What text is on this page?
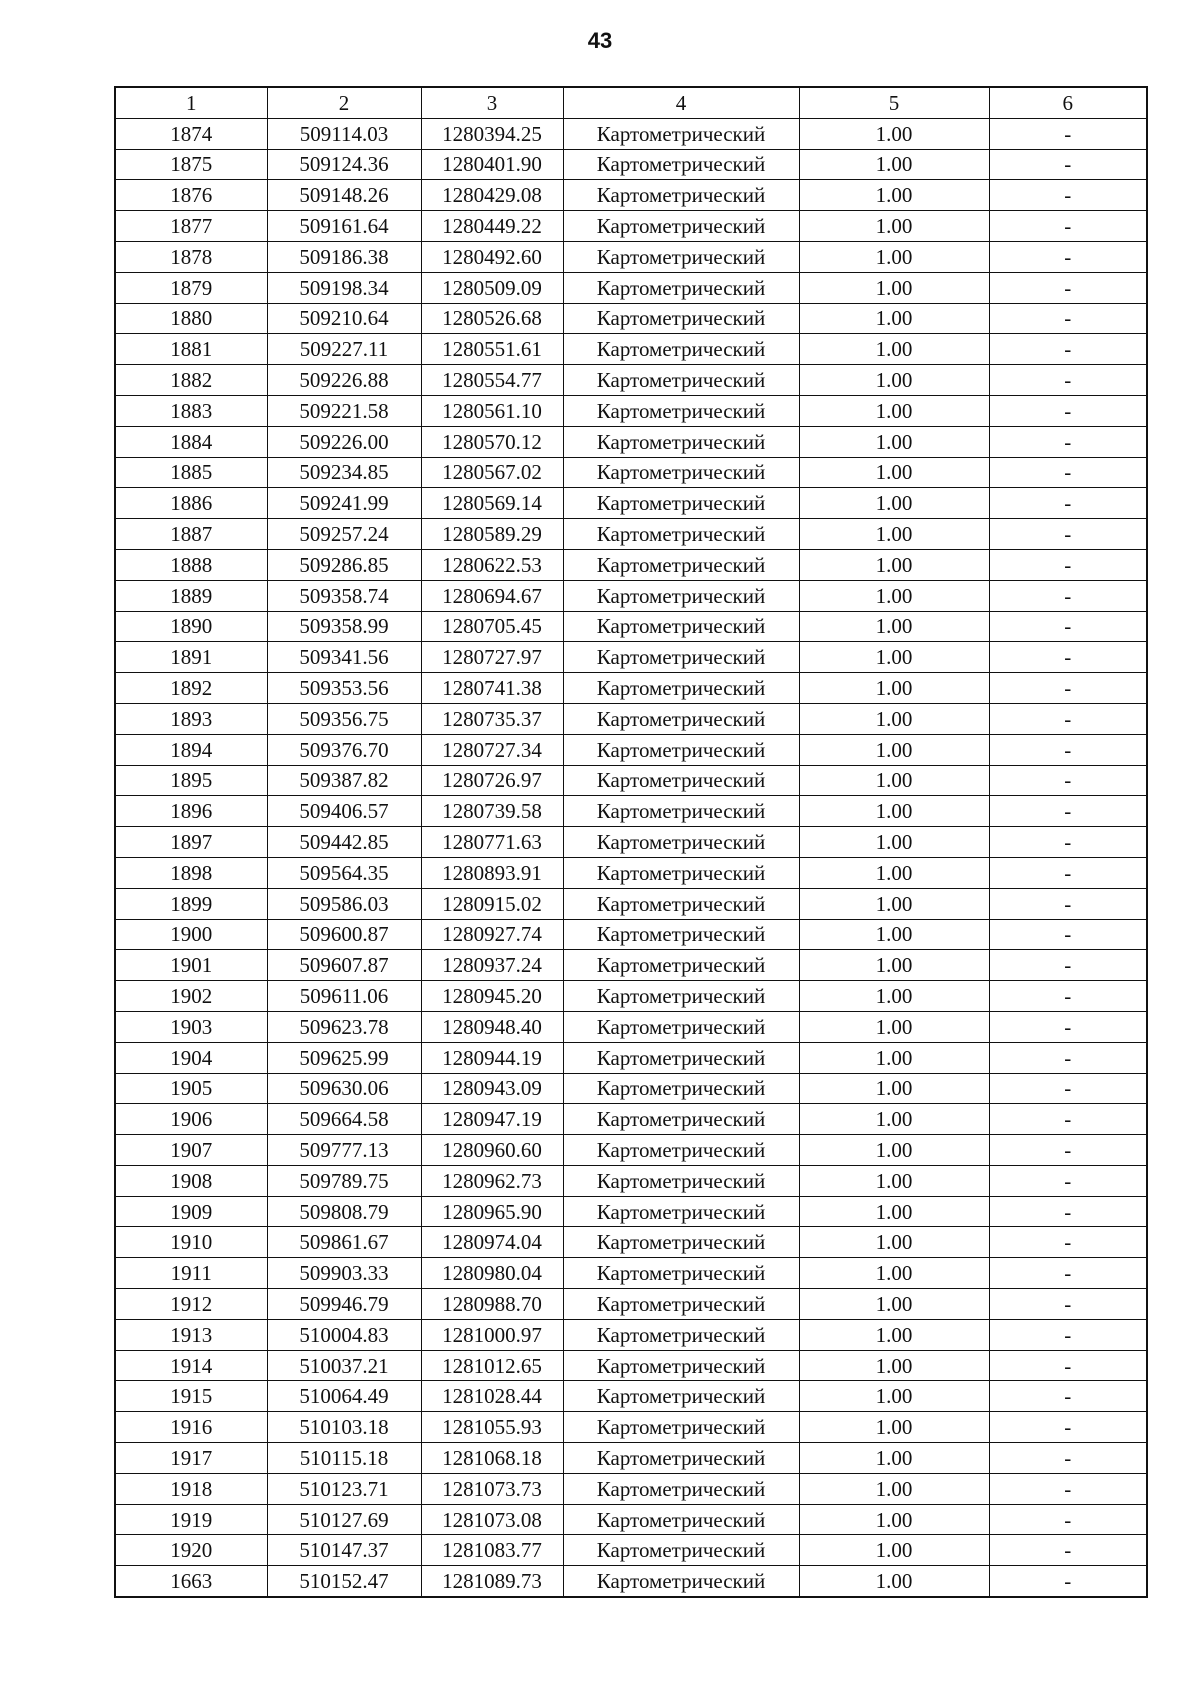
43
1	2	3	4	5	6
1874	509114.03	1280394.25	Картометрический	1.00	-
1875	509124.36	1280401.90	Картометрический	1.00	-
1876	509148.26	1280429.08	Картометрический	1.00	-
1877	509161.64	1280449.22	Картометрический	1.00	-
1878	509186.38	1280492.60	Картометрический	1.00	-
1879	509198.34	1280509.09	Картометрический	1.00	-
1880	509210.64	1280526.68	Картометрический	1.00	-
1881	509227.11	1280551.61	Картометрический	1.00	-
1882	509226.88	1280554.77	Картометрический	1.00	-
1883	509221.58	1280561.10	Картометрический	1.00	-
1884	509226.00	1280570.12	Картометрический	1.00	-
1885	509234.85	1280567.02	Картометрический	1.00	-
1886	509241.99	1280569.14	Картометрический	1.00	-
1887	509257.24	1280589.29	Картометрический	1.00	-
1888	509286.85	1280622.53	Картометрический	1.00	-
1889	509358.74	1280694.67	Картометрический	1.00	-
1890	509358.99	1280705.45	Картометрический	1.00	-
1891	509341.56	1280727.97	Картометрический	1.00	-
1892	509353.56	1280741.38	Картометрический	1.00	-
1893	509356.75	1280735.37	Картометрический	1.00	-
1894	509376.70	1280727.34	Картометрический	1.00	-
1895	509387.82	1280726.97	Картометрический	1.00	-
1896	509406.57	1280739.58	Картометрический	1.00	-
1897	509442.85	1280771.63	Картометрический	1.00	-
1898	509564.35	1280893.91	Картометрический	1.00	-
1899	509586.03	1280915.02	Картометрический	1.00	-
1900	509600.87	1280927.74	Картометрический	1.00	-
1901	509607.87	1280937.24	Картометрический	1.00	-
1902	509611.06	1280945.20	Картометрический	1.00	-
1903	509623.78	1280948.40	Картометрический	1.00	-
1904	509625.99	1280944.19	Картометрический	1.00	-
1905	509630.06	1280943.09	Картометрический	1.00	-
1906	509664.58	1280947.19	Картометрический	1.00	-
1907	509777.13	1280960.60	Картометрический	1.00	-
1908	509789.75	1280962.73	Картометрический	1.00	-
1909	509808.79	1280965.90	Картометрический	1.00	-
1910	509861.67	1280974.04	Картометрический	1.00	-
1911	509903.33	1280980.04	Картометрический	1.00	-
1912	509946.79	1280988.70	Картометрический	1.00	-
1913	510004.83	1281000.97	Картометрический	1.00	-
1914	510037.21	1281012.65	Картометрический	1.00	-
1915	510064.49	1281028.44	Картометрический	1.00	-
1916	510103.18	1281055.93	Картометрический	1.00	-
1917	510115.18	1281068.18	Картометрический	1.00	-
1918	510123.71	1281073.73	Картометрический	1.00	-
1919	510127.69	1281073.08	Картометрический	1.00	-
1920	510147.37	1281083.77	Картометрический	1.00	-
1663	510152.47	1281089.73	Картометрический	1.00	-
